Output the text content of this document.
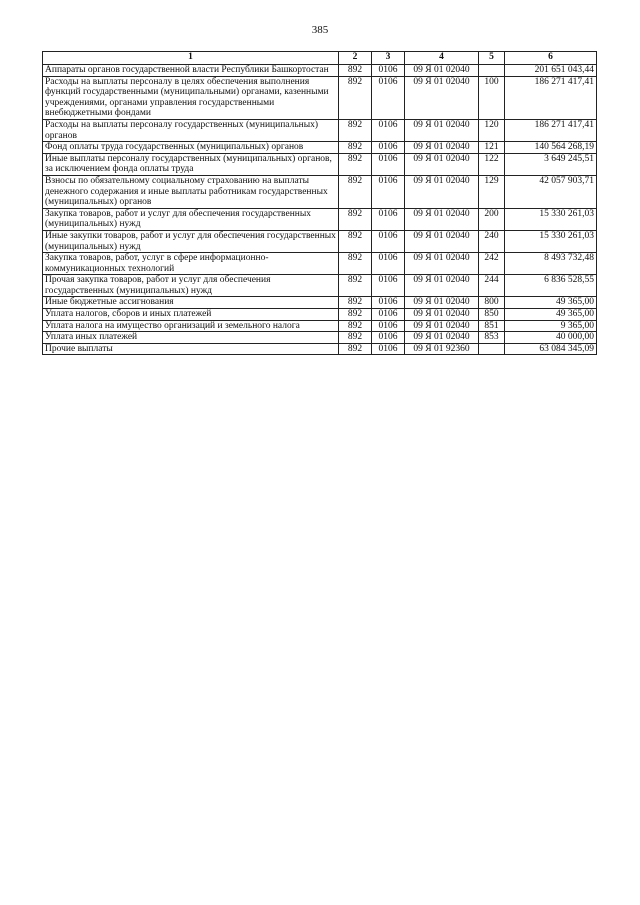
385
1	2	3	4	5	6
Аппараты органов государственной власти Республики Башкортостан	892	0106	09 Я 01 02040		201 651 043,44
Расходы на выплаты персоналу в целях обеспечения выполнения функций государственными (муниципальными) органами, казенными учреждениями, органами управления государственными внебюджетными фондами	892	0106	09 Я 01 02040	100	186 271 417,41
Расходы на выплаты персоналу государственных (муниципальных) органов	892	0106	09 Я 01 02040	120	186 271 417,41
Фонд оплаты труда государственных (муниципальных) органов	892	0106	09 Я 01 02040	121	140 564 268,19
Иные выплаты персоналу государственных (муниципальных) органов, за исключением фонда оплаты труда	892	0106	09 Я 01 02040	122	3 649 245,51
Взносы по обязательному социальному страхованию на выплаты денежного содержания и иные выплаты работникам государственных (муниципальных) органов	892	0106	09 Я 01 02040	129	42 057 903,71
Закупка товаров, работ и услуг для обеспечения государственных (муниципальных) нужд	892	0106	09 Я 01 02040	200	15 330 261,03
Иные закупки товаров, работ и услуг для обеспечения государственных (муниципальных) нужд	892	0106	09 Я 01 02040	240	15 330 261,03
Закупка товаров, работ, услуг в сфере информационно-коммуникационных технологий	892	0106	09 Я 01 02040	242	8 493 732,48
Прочая закупка товаров, работ и услуг для обеспечения государственных (муниципальных) нужд	892	0106	09 Я 01 02040	244	6 836 528,55
Иные бюджетные ассигнования	892	0106	09 Я 01 02040	800	49 365,00
Уплата налогов, сборов и иных платежей	892	0106	09 Я 01 02040	850	49 365,00
Уплата налога на имущество организаций и земельного налога	892	0106	09 Я 01 02040	851	9 365,00
Уплата иных платежей	892	0106	09 Я 01 02040	853	40 000,00
Прочие выплаты	892	0106	09 Я 01 92360		63 084 345,09
